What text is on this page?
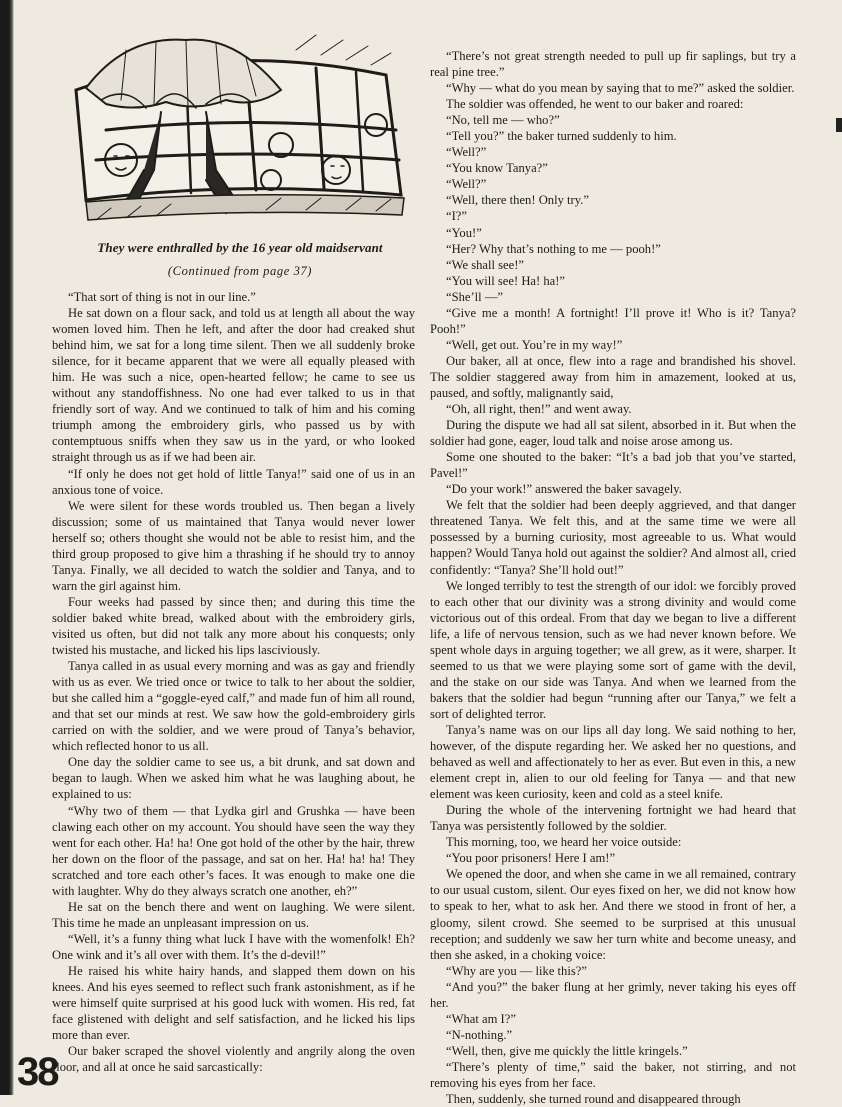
They were enthralled by the 16 year old maidservant
(Continued from page 37)

“That sort of thing is not in our line.”

He sat down on a flour sack, and told us at length all about the way women loved him. Then he left, and after the door had creaked shut behind him, we sat for a long time silent. Then we all suddenly broke silence, for it became apparent that we were all equally pleased with him. He was such a nice, open-hearted fellow; he came to see us without any standoffishness. No one had ever talked to us in that friendly sort of way. And we continued to talk of him and his coming triumph among the embroidery girls, who passed us by with contemptuous sniffs when they saw us in the yard, or who looked straight through us as if we had been air.

“If only he does not get hold of little Tanya!” said one of us in an anxious tone of voice.

We were silent for these words troubled us. Then began a lively discussion; some of us maintained that Tanya would never lower herself so; others thought she would not be able to resist him, and the third group proposed to give him a thrashing if he should try to annoy Tanya. Finally, we all decided to watch the soldier and Tanya, and to warn the girl against him.

Four weeks had passed by since then; and during this time the soldier baked white bread, walked about with the embroidery girls, visited us often, but did not talk any more about his conquests; only twisted his mustache, and licked his lips lasciviously.

Tanya called in as usual every morning and was as gay and friendly with us as ever. We tried once or twice to talk to her about the soldier, but she called him a “goggle-eyed calf,” and made fun of him all round, and that set our minds at rest. We saw how the gold-embroidery girls carried on with the soldier, and we were proud of Tanya’s behavior, which reflected honor to us all.

One day the soldier came to see us, a bit drunk, and sat down and began to laugh. When we asked him what he was laughing about, he explained to us:

“Why two of them — that Lydka girl and Grushka — have been clawing each other on my account. You should have seen the way they went for each other. Ha! ha! One got hold of the other by the hair, threw her down on the floor of the passage, and sat on her. Ha! ha! ha! They scratched and tore each other’s faces. It was enough to make one die with laughter. Why do they always scratch one another, eh?”

He sat on the bench there and went on laughing. We were silent. This time he made an unpleasant impression on us.

“Well, it’s a funny thing what luck I have with the womenfolk! Eh? One wink and it’s all over with them. It’s the d-devil!”

He raised his white hairy hands, and slapped them down on his knees. And his eyes seemed to reflect such frank astonishment, as if he were himself quite surprised at his good luck with women. His red, fat face glistened with delight and self satisfaction, and he licked his lips more than ever.

Our baker scraped the shovel violently and angrily along the oven floor, and all at once he said sarcastically:

“There’s not great strength needed to pull up fir saplings, but try a real pine tree.”

“Why — what do you mean by saying that to me?” asked the soldier.

The soldier was offended, he went to our baker and roared:

“No, tell me — who?”

“Tell you?” the baker turned suddenly to him.

“Well?”

“You know Tanya?”

“Well?”

“Well, there then! Only try.”

“I?”

“You!”

“Her? Why that’s nothing to me — pooh!”

“We shall see!”

“You will see! Ha! ha!”

“She’ll —”

“Give me a month! A fortnight! I’ll prove it! Who is it? Tanya? Pooh!”

“Well, get out. You’re in my way!”

Our baker, all at once, flew into a rage and brandished his shovel. The soldier staggered away from him in amazement, looked at us, paused, and softly, malignantly said,

“Oh, all right, then!” and went away.

During the dispute we had all sat silent, absorbed in it. But when the soldier had gone, eager, loud talk and noise arose among us.

Some one shouted to the baker: “It’s a bad job that you’ve started, Pavel!”

“Do your work!” answered the baker savagely.

We felt that the soldier had been deeply aggrieved, and that danger threatened Tanya. We felt this, and at the same time we were all possessed by a burning curiosity, most agreeable to us. What would happen? Would Tanya hold out against the soldier? And almost all, cried confidently: “Tanya? She’ll hold out!”

We longed terribly to test the strength of our idol: we forcibly proved to each other that our divinity was a strong divinity and would come victorious out of this ordeal. From that day we began to live a different life, a life of nervous tension, such as we had never known before. We spent whole days in arguing together; we all grew, as it were, sharper. It seemed to us that we were playing some sort of game with the devil, and the stake on our side was Tanya. And when we learned from the bakers that the soldier had begun “running after our Tanya,” we felt a sort of delighted terror.

Tanya’s name was on our lips all day long. We said nothing to her, however, of the dispute regarding her. We asked her no questions, and behaved as well and affectionately to her as ever. But even in this, a new element crept in, alien to our old feeling for Tanya — and that new element was keen curiosity, keen and cold as a steel knife.

During the whole of the intervening fortnight we had heard that Tanya was persistently followed by the soldier.

This morning, too, we heard her voice outside:

“You poor prisoners! Here I am!”

We opened the door, and when she came in we all remained, contrary to our usual custom, silent. Our eyes fixed on her, we did not know how to speak to her, what to ask her. And there we stood in front of her, a gloomy, silent crowd. She seemed to be surprised at this unusual reception; and suddenly we saw her turn white and become uneasy, and then she asked, in a choking voice:

“Why are you — like this?”

“And you?” the baker flung at her grimly, never taking his eyes off her.

“What am I?”

“N-nothing.”

“Well, then, give me quickly the little kringels.”

“There’s plenty of time,” said the baker, not stirring, and not removing his eyes from her face.

Then, suddenly, she turned round and disappeared through

38
